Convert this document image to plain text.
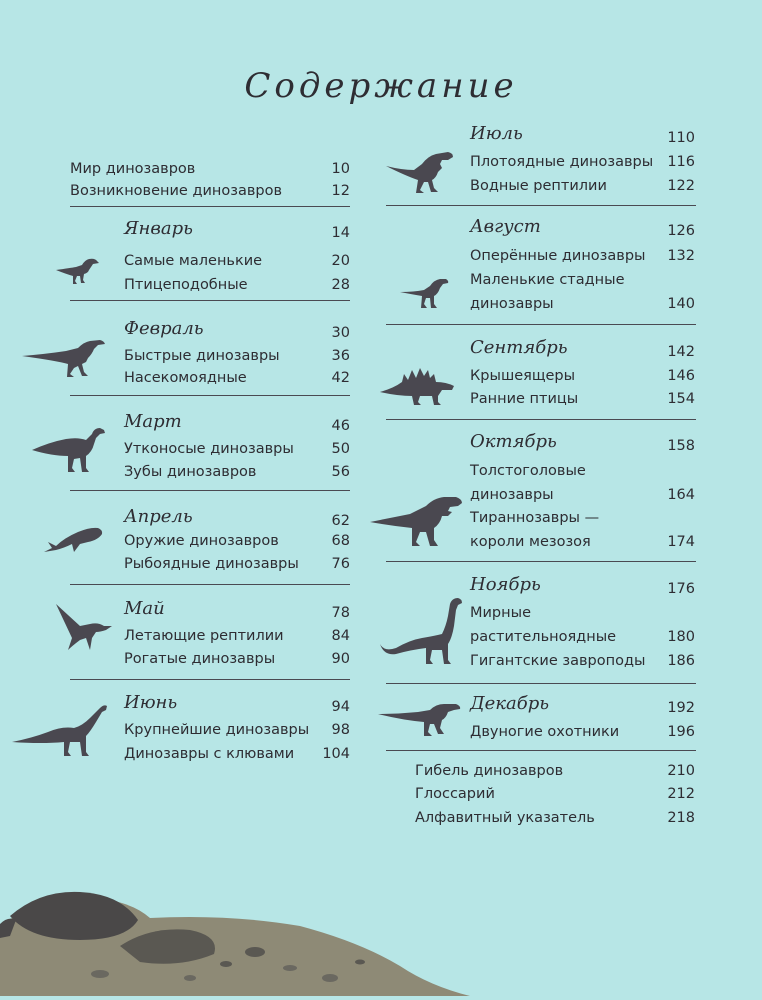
Содержание
Мир динозавров	10
Возникновение динозавров	12
Январь	14
Самые маленькие	20
Птицеподобные	28
Февраль	30
Быстрые динозавры	36
Насекомоядные	42
Март	46
Утконосые динозавры	50
Зубы динозавров	56
Апрель	62
Оружие динозавров	68
Рыбоядные динозавры 76
Май	78
Летающие рептилии	84
Рогатые динозавры	90
Июнь	94
Крупнейшие динозавры 98
Динозавры с клювами 104
Июль	110
Плотоядные динозавры 116
Водные рептилии	122
Август	126
Оперённые динозавры 132
Маленькие стадные
динозавры	140
Сентябрь	142
Крышеящеры	146
Ранние птицы	154
Октябрь	158
Толстоголовые
динозавры	164
Тираннозавры —
короли мезозоя	174
Ноябрь	176
Мирные
растительноядные	180
Гигантские завроподы 186
Декабрь	192
Двуногие охотники	196
Гибель динозавров	210
Глоссарий	212
Алфавитный указатель	218
